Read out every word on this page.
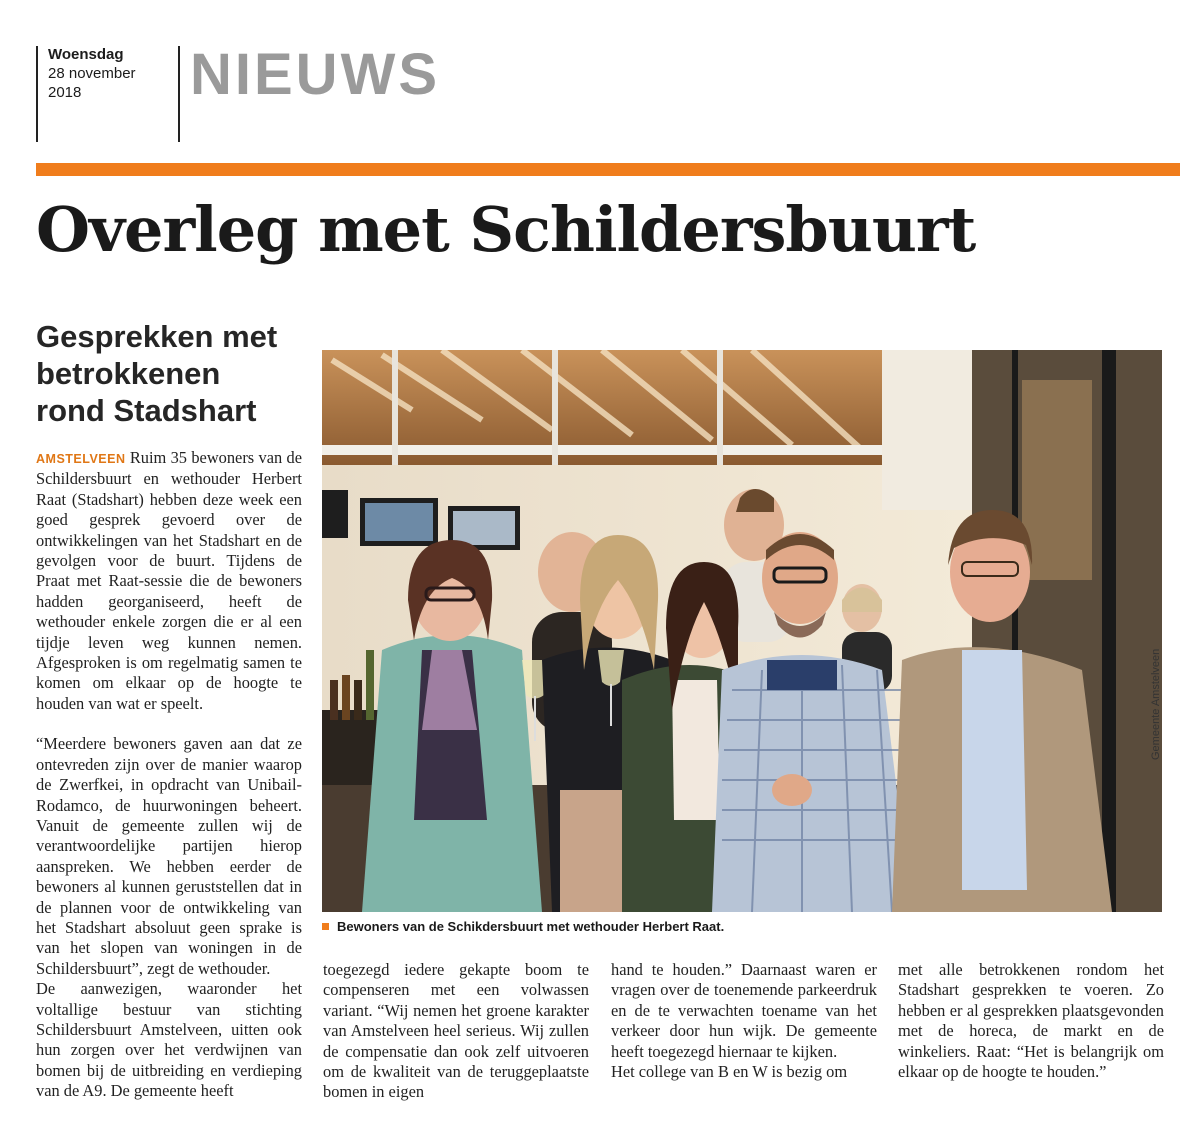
Woensdag
28 november
2018	NIEUWS
Overleg met Schildersbuurt
Gesprekken met
betrokkenen
rond Stadshart

AMSTELVEEN Ruim 35 bewoners van de Schildersbuurt en wethouder Herbert Raat (Stadshart) hebben deze week een goed gesprek gevoerd over de ontwikkelingen van het Stadshart en de gevolgen voor de buurt. Tijdens de Praat met Raat-sessie die de bewoners hadden georganiseerd, heeft de wethouder enkele zorgen die er al een tijdje leven weg kunnen nemen. Afgesproken is om regelmatig samen te komen om elkaar op de hoogte te houden van wat er speelt.

“Meerdere bewoners gaven aan dat ze ontevreden zijn over de manier waarop de Zwerfkei, in opdracht van Unibail-Rodamco, de huurwoningen beheert. Vanuit de gemeente zullen wij de verantwoordelijke partijen hierop aanspreken. We hebben eerder de bewoners al kunnen geruststellen dat in de plannen voor de ontwikkeling van het Stadshart absoluut geen sprake is van het slopen van woningen in de Schildersbuurt”, zegt de wethouder.

De aanwezigen, waaronder het voltallige bestuur van stichting Schildersbuurt Amstelveen, uitten ook hun zorgen over het verdwijnen van bomen bij de uitbreiding en verdieping van de A9. De gemeente heeft

Bewoners van de Schikdersbuurt met wethouder Herbert Raat.
Gemeente Amstelveen

toegezegd iedere gekapte boom te compenseren met een volwassen variant. “Wij nemen het groene karakter van Amstelveen heel serieus. Wij zullen de compensatie dan ook zelf uitvoeren om de kwaliteit van de teruggeplaatste bomen in eigen

hand te houden.” Daarnaast waren er vragen over de toenemende parkeerdruk en de te verwachten toename van het verkeer door hun wijk. De gemeente heeft toegezegd hiernaar te kijken.

Het college van B en W is bezig om

met alle betrokkenen rondom het Stadshart gesprekken te voeren. Zo hebben er al gesprekken plaatsgevonden met de horeca, de markt en de winkeliers. Raat: “Het is belangrijk om elkaar op de hoogte te houden.”
